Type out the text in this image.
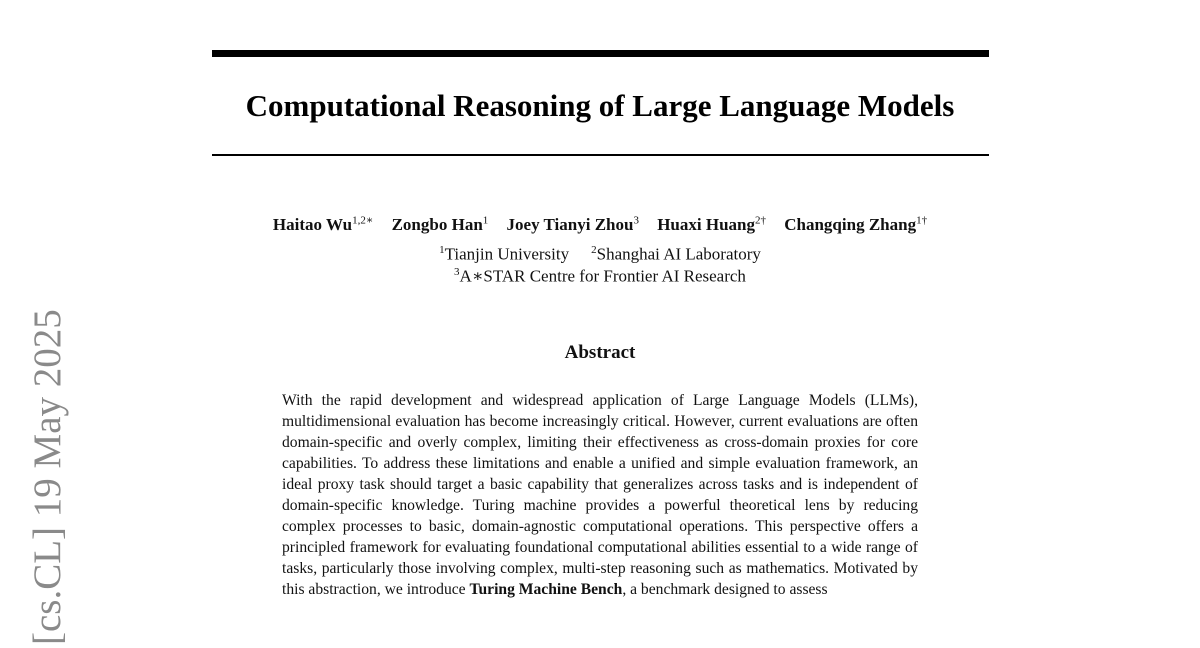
[cs.CL] 19 May 2025
Computational Reasoning of Large Language Models
Haitao $Wu^{1,2∗}$ Zongbo Han$^1$ Joey Tianyi Zhou$^3$ Huaxi Huang$^{2\dagger}$ Changqing Zhang$^{1\dagger}$
$^1$Tianjin University $^2$Shanghai AI Laboratory
$^3$A∗STAR Centre for Frontier AI Research
Abstract
With the rapid development and widespread application of Large Language Models (LLMs), multidimensional evaluation has become increasingly critical. However, current evaluations are often domain-specific and overly complex, limiting their effectiveness as cross-domain proxies for core capabilities. To address these limitations and enable a unified and simple evaluation framework, an ideal proxy task should target a basic capability that generalizes across tasks and is independent of domain-specific knowledge. Turing machine provides a powerful theoretical lens by reducing complex processes to basic, domain-agnostic computational operations. This perspective offers a principled framework for evaluating foundational computational abilities essential to a wide range of tasks, particularly those involving complex, multi-step reasoning such as mathematics. Motivated by this abstraction, we introduce Turing Machine Bench, a benchmark designed to assess
